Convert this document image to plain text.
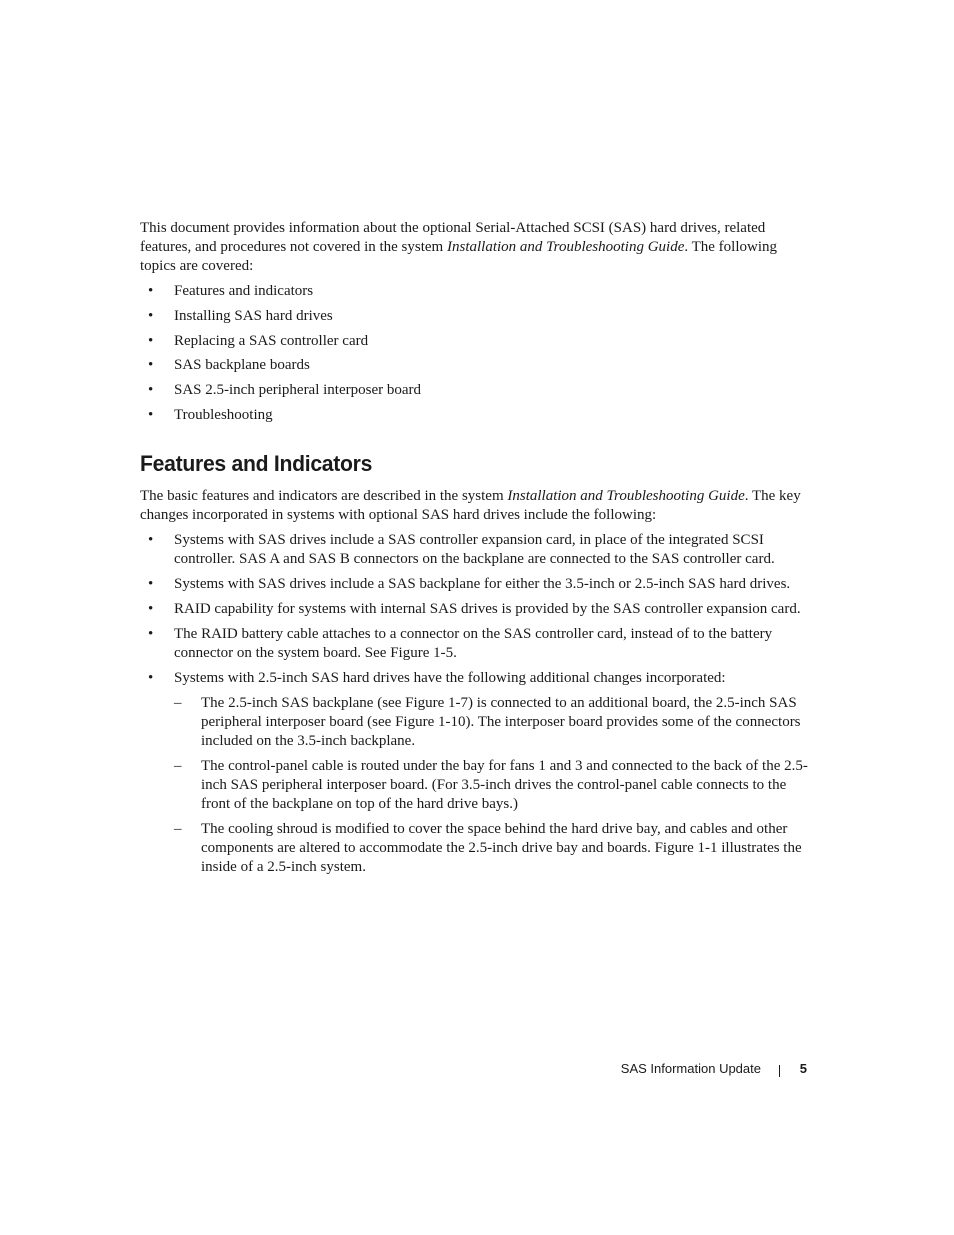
This document provides information about the optional Serial-Attached SCSI (SAS) hard drives, related features, and procedures not covered in the system Installation and Troubleshooting Guide. The following topics are covered:

• Features and indicators
• Installing SAS hard drives
• Replacing a SAS controller card
• SAS backplane boards
• SAS 2.5-inch peripheral interposer board
• Troubleshooting
Features and Indicators

The basic features and indicators are described in the system Installation and Troubleshooting Guide. The key changes incorporated in systems with optional SAS hard drives include the following:

• Systems with SAS drives include a SAS controller expansion card, in place of the integrated SCSI controller. SAS A and SAS B connectors on the backplane are connected to the SAS controller card.
• Systems with SAS drives include a SAS backplane for either the 3.5-inch or 2.5-inch SAS hard drives.
• RAID capability for systems with internal SAS drives is provided by the SAS controller expansion card.
• The RAID battery cable attaches to a connector on the SAS controller card, instead of to the battery connector on the system board. See Figure 1-5.
• Systems with 2.5-inch SAS hard drives have the following additional changes incorporated:
– The 2.5-inch SAS backplane (see Figure 1-7) is connected to an additional board, the 2.5-inch SAS peripheral interposer board (see Figure 1-10). The interposer board provides some of the connectors included on the 3.5-inch backplane.
– The control-panel cable is routed under the bay for fans 1 and 3 and connected to the back of the 2.5-inch SAS peripheral interposer board. (For 3.5-inch drives the control-panel cable connects to the front of the backplane on top of the hard drive bays.)
– The cooling shroud is modified to cover the space behind the hard drive bay, and cables and other components are altered to accommodate the 2.5-inch drive bay and boards. Figure 1-1 illustrates the inside of a 2.5-inch system.
SAS Information Update	5
